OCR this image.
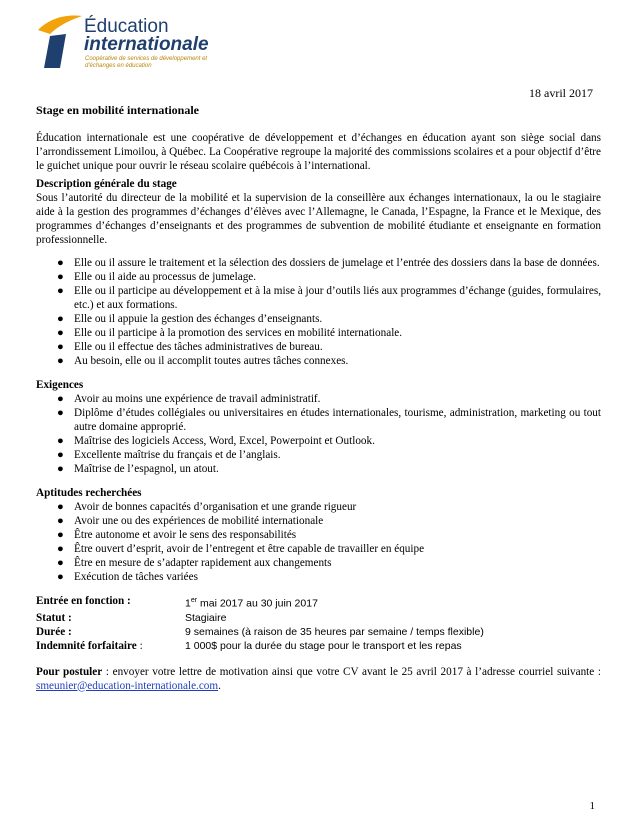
Éducation
internationale
Coopérative de services de développement et d'échanges en éducation
18 avril 2017
Stage en mobilité internationale

Éducation internationale est une coopérative de développement et d’échanges en éducation ayant son siège social dans l’arrondissement Limoilou, à Québec. La Coopérative regroupe la majorité des commissions scolaires et a pour objectif d’être le guichet unique pour ouvrir le réseau scolaire québécois à l’international.

Description générale du stage

Sous l’autorité du directeur de la mobilité et la supervision de la conseillère aux échanges internationaux, la ou le stagiaire aide à la gestion des programmes d’échanges d’élèves avec l’Allemagne, le Canada, l’Espagne, la France et le Mexique, des programmes d’échanges d’enseignants et des programmes de subvention de mobilité étudiante et enseignante en formation professionnelle.

● Elle ou il assure le traitement et la sélection des dossiers de jumelage et l’entrée des dossiers dans la base de données.
● Elle ou il aide au processus de jumelage.
● Elle ou il participe au développement et à la mise à jour d’outils liés aux programmes d’échange (guides, formulaires, etc.) et aux formations.
● Elle ou il appuie la gestion des échanges d’enseignants.
● Elle ou il participe à la promotion des services en mobilité internationale.
● Elle ou il effectue des tâches administratives de bureau.
● Au besoin, elle ou il accomplit toutes autres tâches connexes.
Exigences
● Avoir au moins une expérience de travail administratif.
● Diplôme d’études collégiales ou universitaires en études internationales, tourisme, administration, marketing ou tout autre domaine approprié.
● Maîtrise des logiciels Access, Word, Excel, Powerpoint et Outlook.
● Excellente maîtrise du français et de l’anglais.
● Maîtrise de l’espagnol, un atout.
Aptitudes recherchées
● Avoir de bonnes capacités d’organisation et une grande rigueur
● Avoir une ou des expériences de mobilité internationale
● Être autonome et avoir le sens des responsabilités
● Être ouvert d’esprit, avoir de l’entregent et être capable de travailler en équipe
● Être en mesure de s’adapter rapidement aux changements
● Exécution de tâches variées
Entrée en fonction :	1er mai 2017 au 30 juin 2017
Statut :	Stagiaire
Durée :	9 semaines (à raison de 35 heures par semaine / temps flexible)
Indemnité forfaitaire :	1 000$ pour la durée du stage pour le transport et les repas

Pour postuler : envoyer votre lettre de motivation ainsi que votre CV avant le 25 avril 2017 à l’adresse courriel suivante : smeunier@education-internationale.com.

1
